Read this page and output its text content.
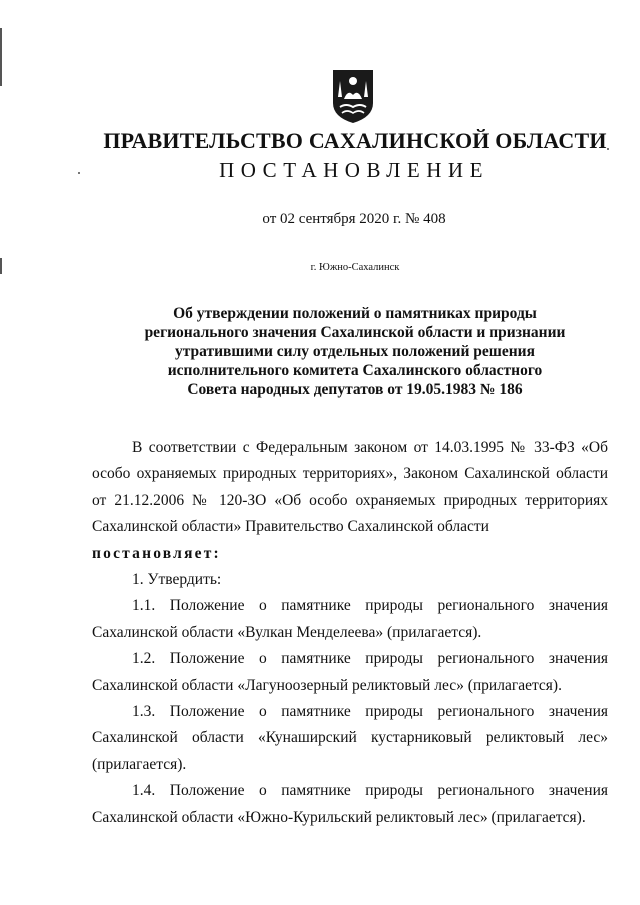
ПРАВИТЕЛЬСТВО САХАЛИНСКОЙ ОБЛАСТИ
ПОСТАНОВЛЕНИЕ
от 02 сентября 2020 г. № 408
г. Южно-Сахалинск
Об утверждении положений о памятниках природы
регионального значения Сахалинской области и признании
утратившими силу отдельных положений решения
исполнительного комитета Сахалинского областного
Совета народных депутатов от 19.05.1983 № 186

В соответствии с Федеральным законом от 14.03.1995 № 33-ФЗ «Об особо охраняемых природных территориях», Законом Сахалинской области от 21.12.2006 № 120-ЗО «Об особо охраняемых природных территориях Сахалинской области» Правительство Сахалинской области

постановляет:

1. Утвердить:

1.1. Положение о памятнике природы регионального значения Сахалинской области «Вулкан Менделеева» (прилагается).

1.2. Положение о памятнике природы регионального значения Сахалинской области «Лагуноозерный реликтовый лес» (прилагается).

1.3. Положение о памятнике природы регионального значения Сахалинской области «Кунаширский кустарниковый реликтовый лес» (прилагается).

1.4. Положение о памятнике природы регионального значения Сахалинской области «Южно-Курильский реликтовый лес» (прилагается).
